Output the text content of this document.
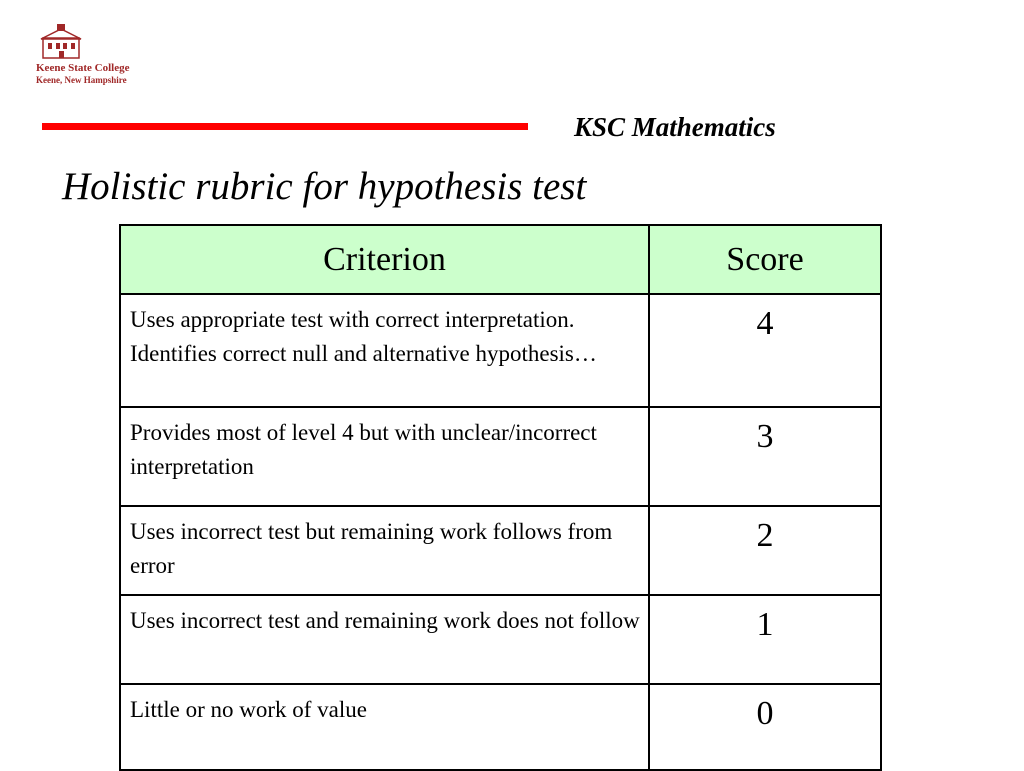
Keene State College
Keene, New Hampshire
KSC Mathematics
Holistic rubric for hypothesis test
Criterion	Score
Uses appropriate test with correct interpretation. Identifies correct null and alternative hypothesis…	4
Provides most of level 4 but with unclear/incorrect interpretation	3
Uses incorrect test but remaining work follows from error	2
Uses incorrect test and remaining work does not follow	1
Little or no work of value	0
